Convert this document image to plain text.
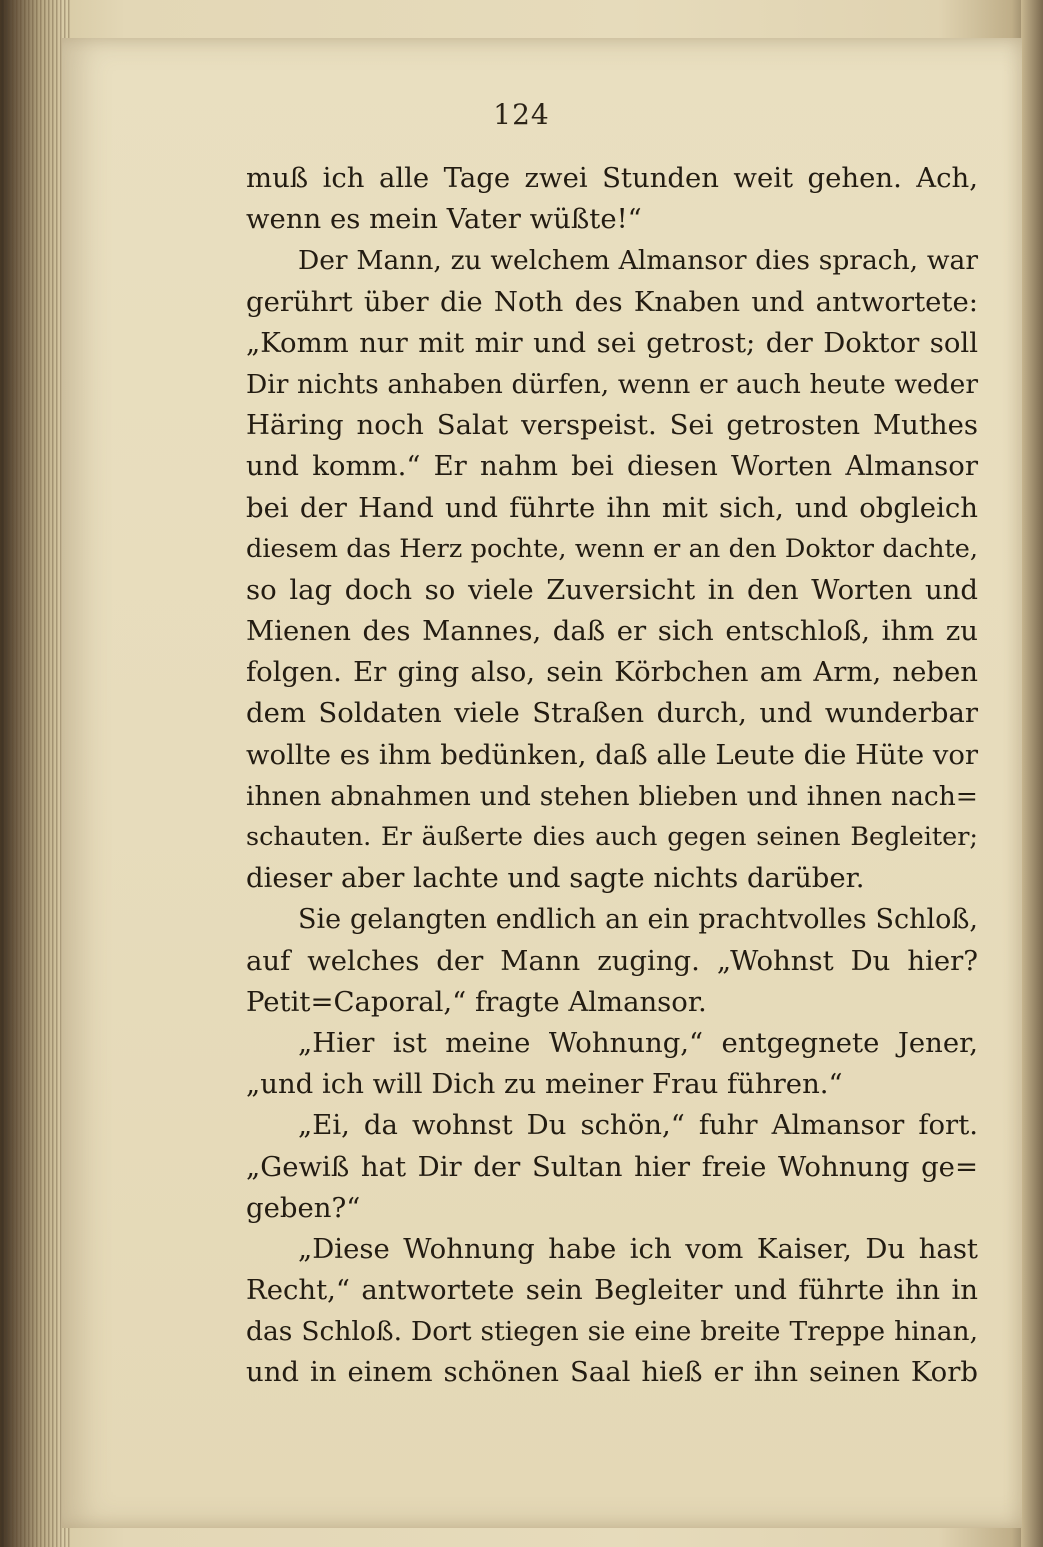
124
muß ich alle Tage zwei Stunden weit gehen. Ach,
wenn es mein Vater wüßte!“
Der Mann, zu welchem Almansor dies sprach, war
gerührt über die Noth des Knaben und antwortete:
„Komm nur mit mir und sei getrost; der Doktor soll
Dir nichts anhaben dürfen, wenn er auch heute weder
Häring noch Salat verspeist. Sei getrosten Muthes
und komm.“ Er nahm bei diesen Worten Almansor
bei der Hand und führte ihn mit sich, und obgleich
diesem das Herz pochte, wenn er an den Doktor dachte,
so lag doch so viele Zuversicht in den Worten und
Mienen des Mannes, daß er sich entschloß, ihm zu
folgen. Er ging also, sein Körbchen am Arm, neben
dem Soldaten viele Straßen durch, und wunderbar
wollte es ihm bedünken, daß alle Leute die Hüte vor
ihnen abnahmen und stehen blieben und ihnen nach=
schauten. Er äußerte dies auch gegen seinen Begleiter;
dieser aber lachte und sagte nichts darüber.
Sie gelangten endlich an ein prachtvolles Schloß,
auf welches der Mann zuging. „Wohnst Du hier?
Petit=Caporal,“ fragte Almansor.
„Hier ist meine Wohnung,“ entgegnete Jener,
„und ich will Dich zu meiner Frau führen.“
„Ei, da wohnst Du schön,“ fuhr Almansor fort.
„Gewiß hat Dir der Sultan hier freie Wohnung ge=
geben?“
„Diese Wohnung habe ich vom Kaiser, Du hast
Recht,“ antwortete sein Begleiter und führte ihn in
das Schloß. Dort stiegen sie eine breite Treppe hinan,
und in einem schönen Saal hieß er ihn seinen Korb
